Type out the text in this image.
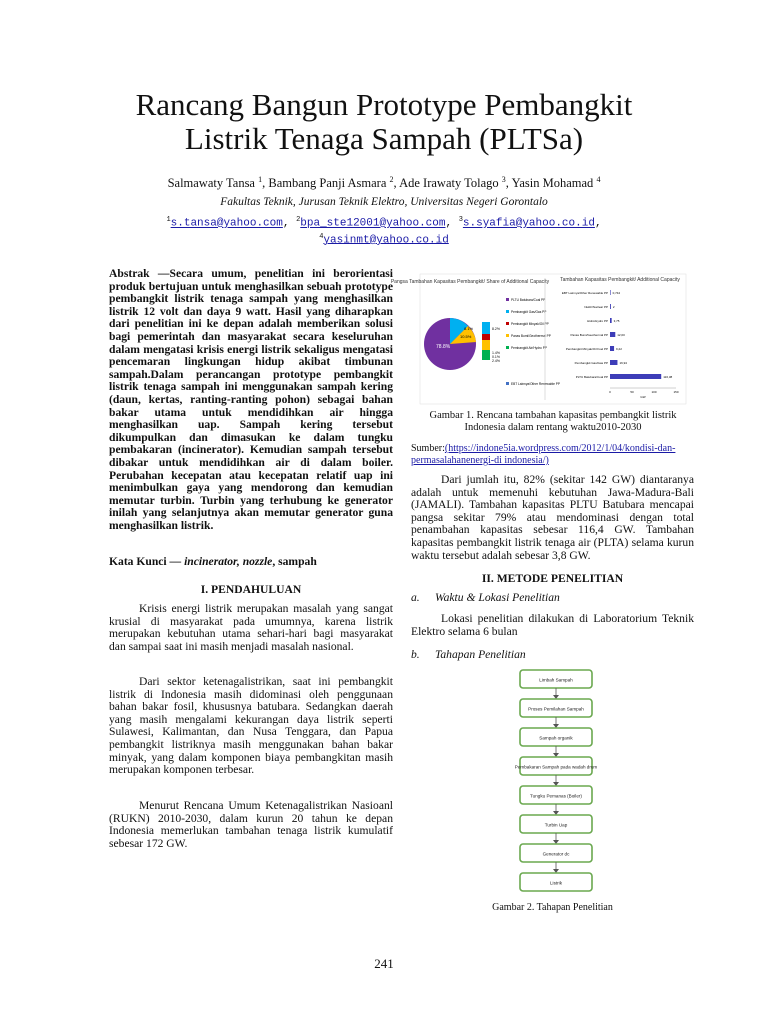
Rancang Bangun Prototype Pembangkit
Listrik Tenaga Sampah (PLTSa)
Salmawaty Tansa $^1$, Bambang Panji Asmara $^2$, Ade Irawaty Tolago $^3$, Yasin Mohamad $^4$
Fakultas Teknik, Jurusan Teknik Elektro, Universitas Negeri Gorontalo
$^1$s.tansa@yahoo.com, $^2$bpa_ste12001@yahoo.com, $^3$s.syafia@yahoo.co.id,
$^4$yasinmt@yahoo.co.id
Abstrak —Secara umum, penelitian ini berorientasi produk bertujuan untuk menghasilkan sebuah prototype pembangkit listrik tenaga sampah yang menghasilkan listrik 12 volt dan daya 9 watt. Hasil yang diharapkan dari penelitian ini ke depan adalah memberikan solusi bagi pemerintah dan masyarakat secara keseluruhan dalam mengatasi krisis energi listrik sekaligus mengatasi pencemaran lingkungan hidup akibat timbunan sampah.Dalam perancangan prototype pembangkit listrik tenaga sampah ini menggunakan sampah kering (daun, kertas, ranting-ranting pohon) sebagai bahan bakar utama untuk mendidihkan air hingga menghasilkan uap. Sampah kering tersebut dikumpulkan dan dimasukan ke dalam tungku pembakaran (incinerator). Kemudian sampah tersebut dibakar untuk mendidihkan air di dalam boiler. Perubahan kecepatan atau kecepatan relatif uap ini menimbulkan gaya yang mendorong dan kemudian memutar turbin. Turbin yang terhubung ke generator inilah yang selanjutnya akan memutar generator guna menghasilkan listrik.
Kata Kunci — incinerator, nozzle, sampah
I. PENDAHULUAN

Krisis energi listrik merupakan masalah yang sangat krusial di masyarakat pada umumnya, karena listrik merupakan kebutuhan utama sehari-hari bagi masyarakat dan sampai saat ini masih menjadi masalah nasional.

Dari sektor ketenagalistrikan, saat ini pembangkit listrik di Indonesia masih didominasi oleh penggunaan bahan bakar fosil, khususnya batubara. Sedangkan daerah yang masih mengalami kekurangan daya listrik seperti Sulawesi, Kalimantan, dan Nusa Tenggara, dan Papua pembangkit listriknya masih menggunakan bahan bakar minyak, yang dalam komponen biaya pembangkitan masih merupakan komponen terbesar.

Menurut Rencana Umum Ketenagalistrikan Nasioanl (RUKN) 2010-2030, dalam kurun 20 tahun ke depan Indonesia memerlukan tambahan tenaga listrik kumulatif sebesar 172 GW.

Pangsa Tambahan Kapasitas Pembangkit/ Share of Additional Capacity
78.8%
10.5%
8.1%	8.2%
1.4%
0.1%
2.4%
PLTU Batubara/Coal PP
Pembangkit Gas/Gas PP
Pembangkit Minyak/Oil PP
Panas Bumi/Geothermal PP
Pembangkit Air/Hydro PP
EBT Lainnya/Other Renewable PP
Tambahan Kapasitas Pembangkit/ Additional Capacity
EBT Lainnya/Other Renewable PP 0,744
Nuklir/Nuclear PP 2
Hidro/Hydro PP 3,75
Panas Bumi/Geothermal PP	12,00
Pembangkit Minyak/Oil Fuel PP	9,22
Pembangkit Gas/Gas PP	16,94
PLTU Batubara/Coal PP	116,38
0	50	100	150
GW
Gambar 1. Rencana tambahan kapasitas pembangkit listrik Indonesia dalam rentang waktu2010-2030
Sumber:(https://indone5ia.wordpress.com/2012/1/04/kondisi-dan-permasalahanenergi-di indonesia/)

Dari jumlah itu, 82% (sekitar 142 GW) diantaranya adalah untuk memenuhi kebutuhan Jawa-Madura-Bali (JAMALI). Tambahan kapasitas PLTU Batubara mencapai pangsa sekitar 79% atau mendominasi dengan total penambahan kapasitas sebesar 116,4 GW. Tambahan kapasitas pembangkit listrik tenaga air (PLTA) selama kurun waktu tersebut adalah sebesar 3,8 GW.

II. METODE PENELITIAN
a. Waktu & Lokasi Penelitian

Lokasi penelitian dilakukan di Laboratorium Teknik Elektro selama 6 bulan

b. Tahapan Penelitian
Limbah Sampah
Proses Pemilahan Sampah
Sampah organik
Pembakaran Sampah pada wadah drum
Tungku Pemanas (Boiler)
Turbin Uap
Generator dc
Listrik
Gambar 2. Tahapan Penelitian
241
